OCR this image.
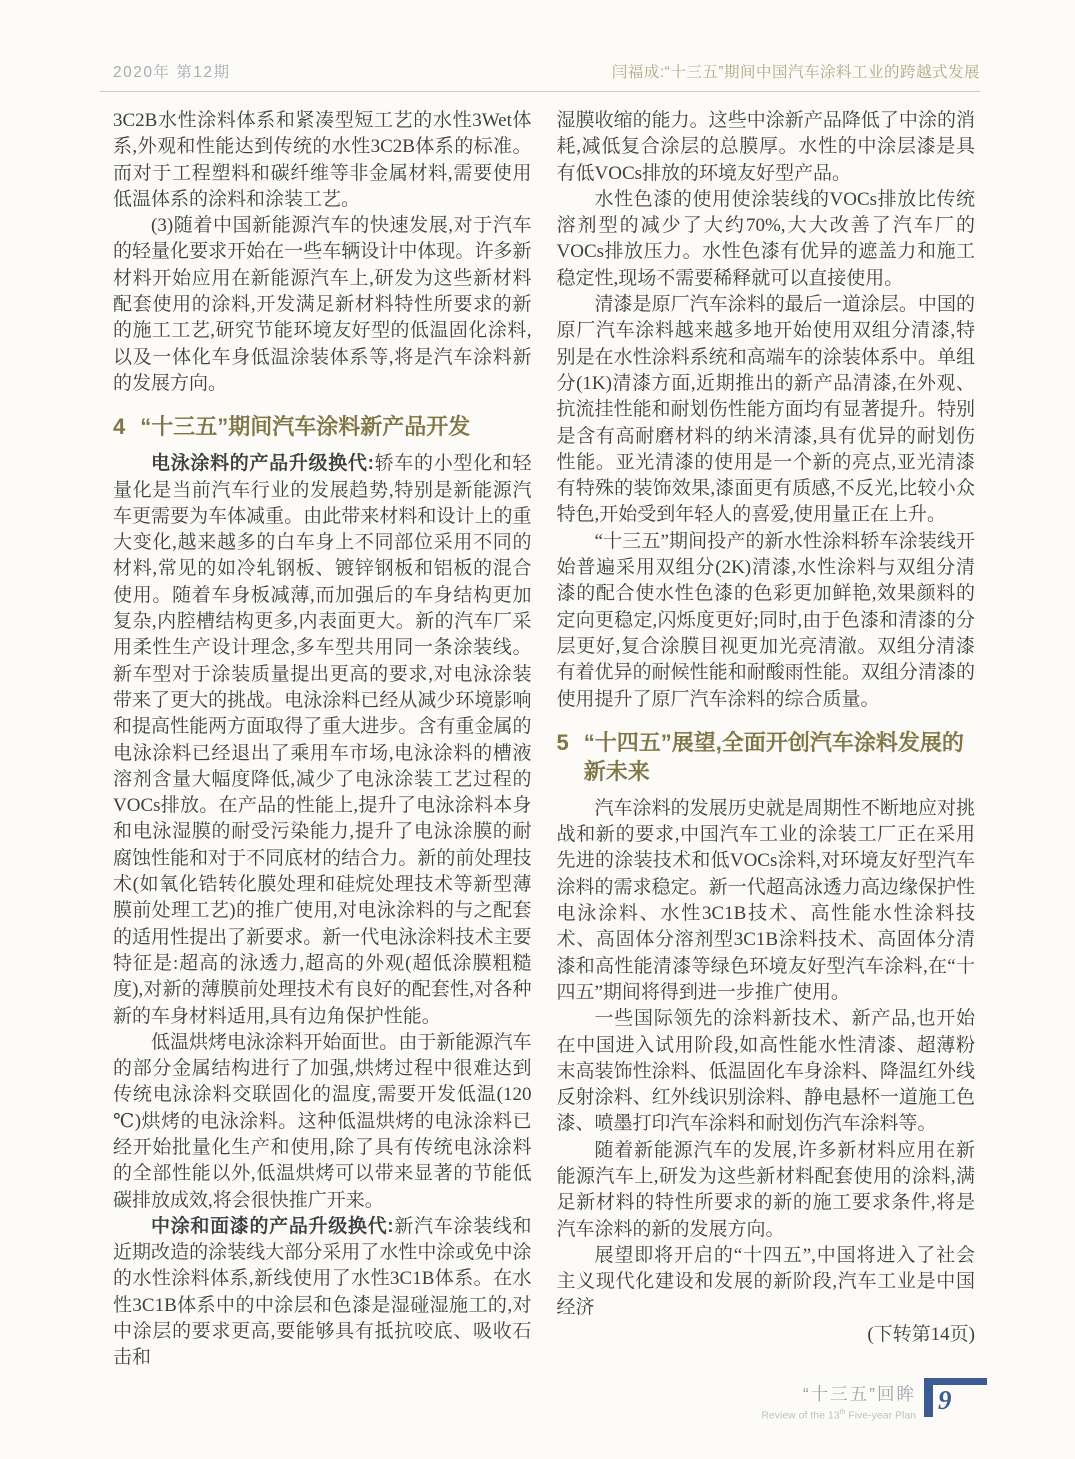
2020年 第12期	闫福成:“十三五”期间中国汽车涂料工业的跨越式发展

3C2B水性涂料体系和紧凑型短工艺的水性3Wet体系,外观和性能达到传统的水性3C2B体系的标准。而对于工程塑料和碳纤维等非金属材料,需要使用低温体系的涂料和涂装工艺。

(3)随着中国新能源汽车的快速发展,对于汽车的轻量化要求开始在一些车辆设计中体现。许多新材料开始应用在新能源汽车上,研发为这些新材料配套使用的涂料,开发满足新材料特性所要求的新的施工工艺,研究节能环境友好型的低温固化涂料,以及一体化车身低温涂装体系等,将是汽车涂料新的发展方向。

4 “十三五”期间汽车涂料新产品开发

电泳涂料的产品升级换代:轿车的小型化和轻量化是当前汽车行业的发展趋势,特别是新能源汽车更需要为车体减重。由此带来材料和设计上的重大变化,越来越多的白车身上不同部位采用不同的材料,常见的如冷轧钢板、镀锌钢板和铝板的混合使用。随着车身板减薄,而加强后的车身结构更加复杂,内腔槽结构更多,内表面更大。新的汽车厂采用柔性生产设计理念,多车型共用同一条涂装线。新车型对于涂装质量提出更高的要求,对电泳涂装带来了更大的挑战。电泳涂料已经从减少环境影响和提高性能两方面取得了重大进步。含有重金属的电泳涂料已经退出了乘用车市场,电泳涂料的槽液溶剂含量大幅度降低,减少了电泳涂装工艺过程的VOCs排放。在产品的性能上,提升了电泳涂料本身和电泳湿膜的耐受污染能力,提升了电泳涂膜的耐腐蚀性能和对于不同底材的结合力。新的前处理技术(如氧化锆转化膜处理和硅烷处理技术等新型薄膜前处理工艺)的推广使用,对电泳涂料的与之配套的适用性提出了新要求。新一代电泳涂料技术主要特征是:超高的泳透力,超高的外观(超低涂膜粗糙度),对新的薄膜前处理技术有良好的配套性,对各种新的车身材料适用,具有边角保护性能。

低温烘烤电泳涂料开始面世。由于新能源汽车的部分金属结构进行了加强,烘烤过程中很难达到传统电泳涂料交联固化的温度,需要开发低温(120 ℃)烘烤的电泳涂料。这种低温烘烤的电泳涂料已经开始批量化生产和使用,除了具有传统电泳涂料的全部性能以外,低温烘烤可以带来显著的节能低碳排放成效,将会很快推广开来。

中涂和面漆的产品升级换代:新汽车涂装线和近期改造的涂装线大部分采用了水性中涂或免中涂的水性涂料体系,新线使用了水性3C1B体系。在水性3C1B体系中的中涂层和色漆是湿碰湿施工的,对中涂层的要求更高,要能够具有抵抗咬底、吸收石击和

湿膜收缩的能力。这些中涂新产品降低了中涂的消耗,减低复合涂层的总膜厚。水性的中涂层漆是具有低VOCs排放的环境友好型产品。

水性色漆的使用使涂装线的VOCs排放比传统溶剂型的减少了大约70%,大大改善了汽车厂的VOCs排放压力。水性色漆有优异的遮盖力和施工稳定性,现场不需要稀释就可以直接使用。

清漆是原厂汽车涂料的最后一道涂层。中国的原厂汽车涂料越来越多地开始使用双组分清漆,特别是在水性涂料系统和高端车的涂装体系中。单组分(1K)清漆方面,近期推出的新产品清漆,在外观、抗流挂性能和耐划伤性能方面均有显著提升。特别是含有高耐磨材料的纳米清漆,具有优异的耐划伤性能。亚光清漆的使用是一个新的亮点,亚光清漆有特殊的装饰效果,漆面更有质感,不反光,比较小众特色,开始受到年轻人的喜爱,使用量正在上升。

“十三五”期间投产的新水性涂料轿车涂装线开始普遍采用双组分(2K)清漆,水性涂料与双组分清漆的配合使水性色漆的色彩更加鲜艳,效果颜料的定向更稳定,闪烁度更好;同时,由于色漆和清漆的分层更好,复合涂膜目视更加光亮清澈。双组分清漆有着优异的耐候性能和耐酸雨性能。双组分清漆的使用提升了原厂汽车涂料的综合质量。

5 “十四五”展望,全面开创汽车涂料发展的新未来

汽车涂料的发展历史就是周期性不断地应对挑战和新的要求,中国汽车工业的涂装工厂正在采用先进的涂装技术和低VOCs涂料,对环境友好型汽车涂料的需求稳定。新一代超高泳透力高边缘保护性电泳涂料、水性3C1B技术、高性能水性涂料技术、高固体分溶剂型3C1B涂料技术、高固体分清漆和高性能清漆等绿色环境友好型汽车涂料,在“十四五”期间将得到进一步推广使用。

一些国际领先的涂料新技术、新产品,也开始在中国进入试用阶段,如高性能水性清漆、超薄粉末高装饰性涂料、低温固化车身涂料、降温红外线反射涂料、红外线识别涂料、静电悬杯一道施工色漆、喷墨打印汽车涂料和耐划伤汽车涂料等。

随着新能源汽车的发展,许多新材料应用在新能源汽车上,研发为这些新材料配套使用的涂料,满足新材料的特性所要求的新的施工要求条件,将是汽车涂料的新的发展方向。

展望即将开启的“十四五”,中国将进入了社会主义现代化建设和发展的新阶段,汽车工业是中国经济

(下转第14页)

“十三五”回眸
Review of the 13th Five-year Plan
9
